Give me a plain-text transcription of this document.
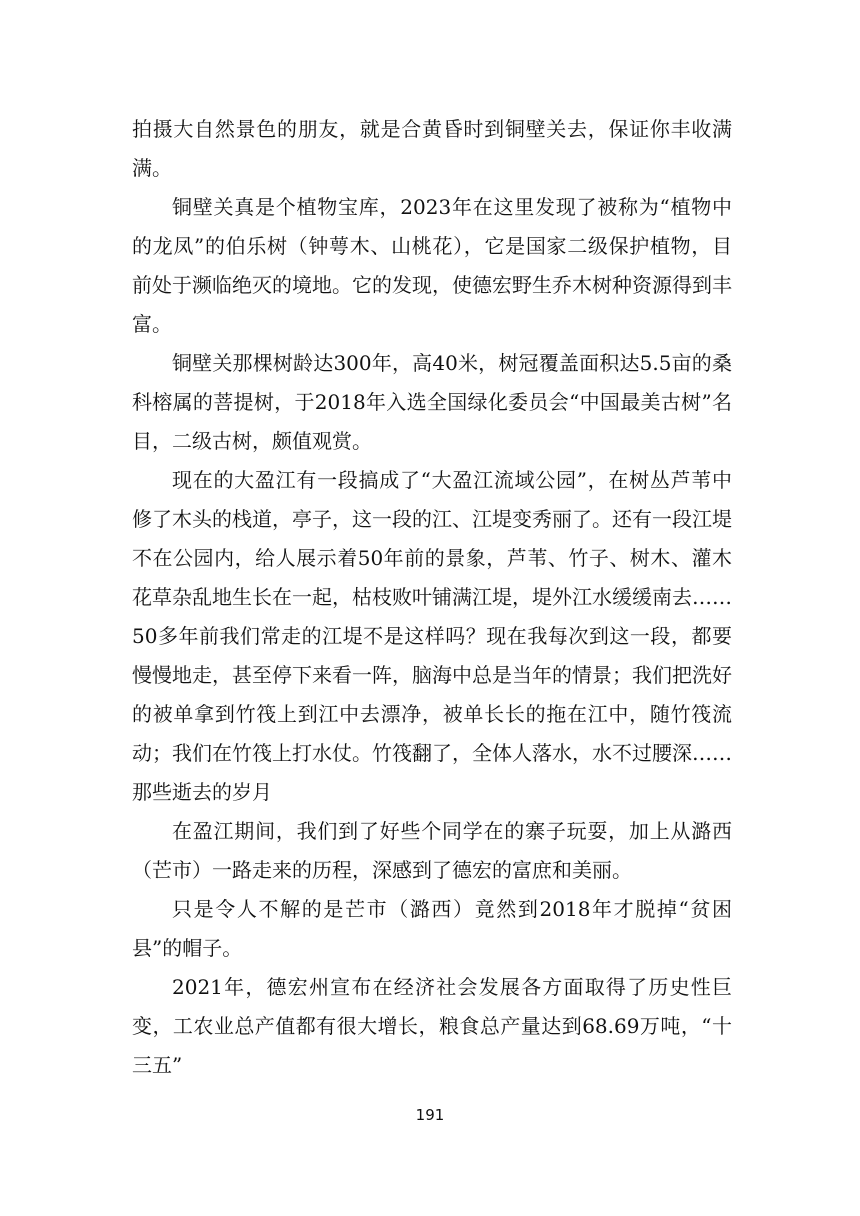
拍摄大自然景色的朋友，就是合黄昏时到铜壁关去，保证你丰收满满。

铜壁关真是个植物宝库，2023年在这里发现了被称为“植物中的龙凤”的伯乐树（钟萼木、山桃花），它是国家二级保护植物，目前处于濒临绝灭的境地。它的发现，使德宏野生乔木树种资源得到丰富。

铜壁关那棵树龄达300年，高40米，树冠覆盖面积达5.5亩的桑科榕属的菩提树，于2018年入选全国绿化委员会“中国最美古树”名目，二级古树，颇值观赏。

现在的大盈江有一段搞成了“大盈江流域公园”，在树丛芦苇中修了木头的栈道，亭子，这一段的江、江堤变秀丽了。还有一段江堤不在公园内，给人展示着50年前的景象，芦苇、竹子、树木、灌木花草杂乱地生长在一起，枯枝败叶铺满江堤，堤外江水缓缓南去……50多年前我们常走的江堤不是这样吗？现在我每次到这一段，都要慢慢地走，甚至停下来看一阵，脑海中总是当年的情景；我们把洗好的被单拿到竹筏上到江中去漂净，被单长长的拖在江中，随竹筏流动；我们在竹筏上打水仗。竹筏翻了，全体人落水，水不过腰深……那些逝去的岁月

在盈江期间，我们到了好些个同学在的寨子玩耍，加上从潞西（芒市）一路走来的历程，深感到了德宏的富庶和美丽。

只是令人不解的是芒市（潞西）竟然到2018年才脱掉“贫困县”的帽子。

2021年，德宏州宣布在经济社会发展各方面取得了历史性巨变，工农业总产值都有很大增长，粮食总产量达到68.69万吨，“十三五”

191
